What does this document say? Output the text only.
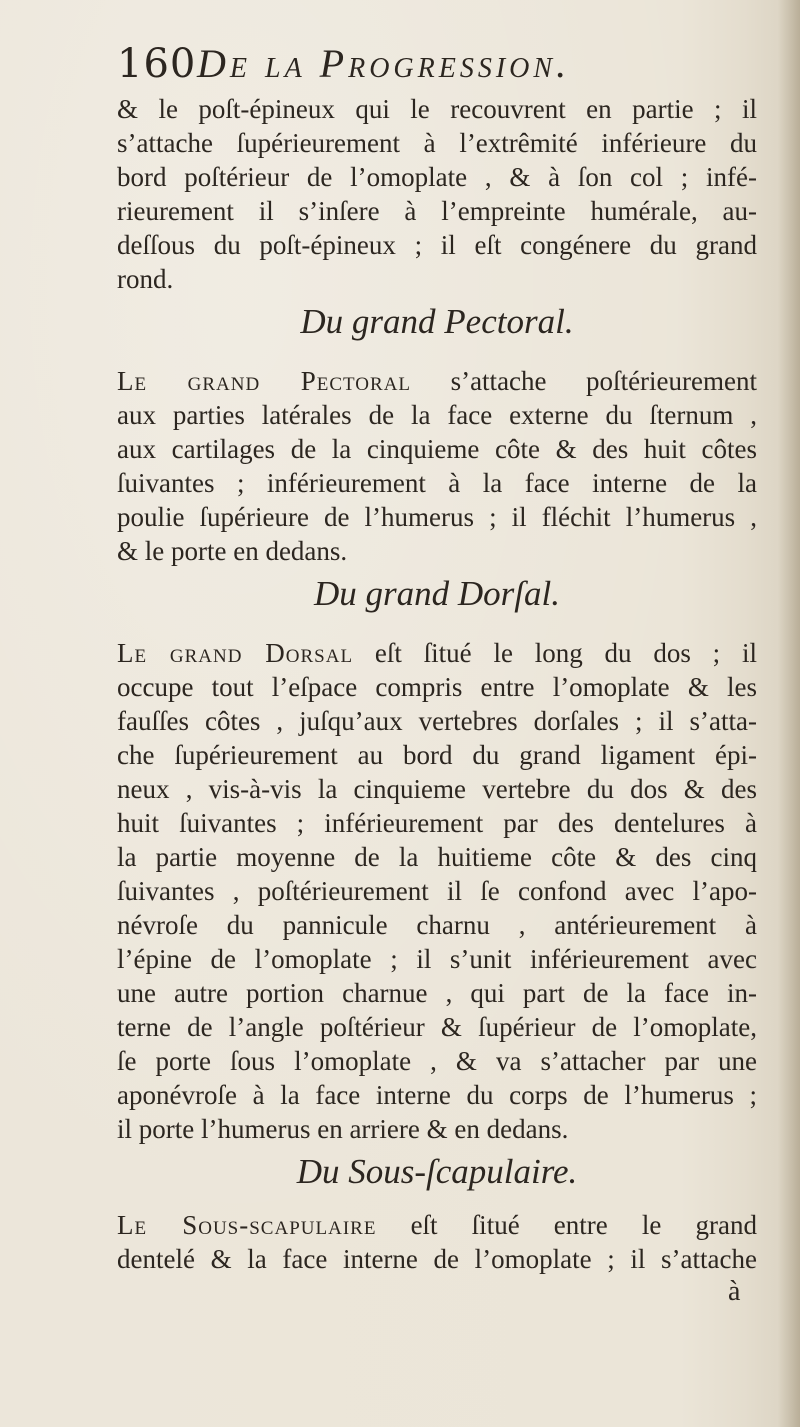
160De la Progression.
& le poſt-épineux qui le recouvrent en partie ; il
s’attache ſupérieurement à l’extrêmité inférieure du
bord poſtérieur de l’omoplate , & à ſon col ; infé-
rieurement il s’inſere à l’empreinte humérale, au-
deſſous du poſt-épineux ; il eſt congénere du grand
rond.
Du grand Pectoral.
Le grand Pectoral s’attache poſtérieurement
aux parties latérales de la face externe du ſternum ,
aux cartilages de la cinquieme côte & des huit côtes
ſuivantes ; inférieurement à la face interne de la
poulie ſupérieure de l’humerus ; il fléchit l’humerus ,
& le porte en dedans.
Du grand Dorſal.
Le grand Dorsal eſt ſitué le long du dos ; il
occupe tout l’eſpace compris entre l’omoplate & les
fauſſes côtes , juſqu’aux vertebres dorſales ; il s’atta-
che ſupérieurement au bord du grand ligament épi-
neux , vis-à-vis la cinquieme vertebre du dos & des
huit ſuivantes ; inférieurement par des dentelures à
la partie moyenne de la huitieme côte & des cinq
ſuivantes , poſtérieurement il ſe confond avec l’apo-
névroſe du pannicule charnu , antérieurement à
l’épine de l’omoplate ; il s’unit inférieurement avec
une autre portion charnue , qui part de la face in-
terne de l’angle poſtérieur & ſupérieur de l’omoplate,
ſe porte ſous l’omoplate , & va s’attacher par une
aponévroſe à la face interne du corps de l’humerus ;
il porte l’humerus en arriere & en dedans.
Du Sous-ſcapulaire.
Le Sous-scapulaire eſt ſitué entre le grand
dentelé & la face interne de l’omoplate ; il s’attache
à
